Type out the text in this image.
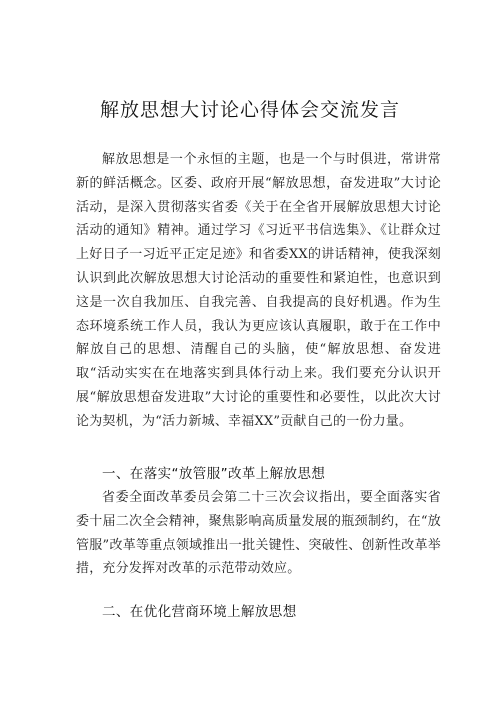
解放思想大讨论心得体会交流发言
解放思想是一个永恒的主题，也是一个与时俱进，常讲常新的鲜活概念。区委、政府开展“解放思想，奋发进取”大讨论活动，是深入贯彻落实省委《关于在全省开展解放思想大讨论活动的通知》精神。通过学习《习近平书信选集》、《让群众过上好日子一习近平正定足迹》和省委XX的讲话精神，使我深刻认识到此次解放思想大讨论活动的重要性和紧迫性，也意识到这是一次自我加压、自我完善、自我提高的良好机遇。作为生态环境系统工作人员，我认为更应该认真履职，敢于在工作中解放自己的思想、清醒自己的头脑，使“解放思想、奋发进取“活动实实在在地落实到具体行动上来。我们要充分认识开展“解放思想奋发进取”大讨论的重要性和必要性，以此次大讨论为契机，为“活力新城、幸福XX”贡献自己的一份力量。
一、在落实“放管服”改革上解放思想
省委全面改革委员会第二十三次会议指出，要全面落实省委十届二次全会精神，聚焦影响高质量发展的瓶颈制约，在“放管服”改革等重点领域推出一批关键性、突破性、创新性改革举措，充分发挥对改革的示范带动效应。
二、在优化营商环境上解放思想
